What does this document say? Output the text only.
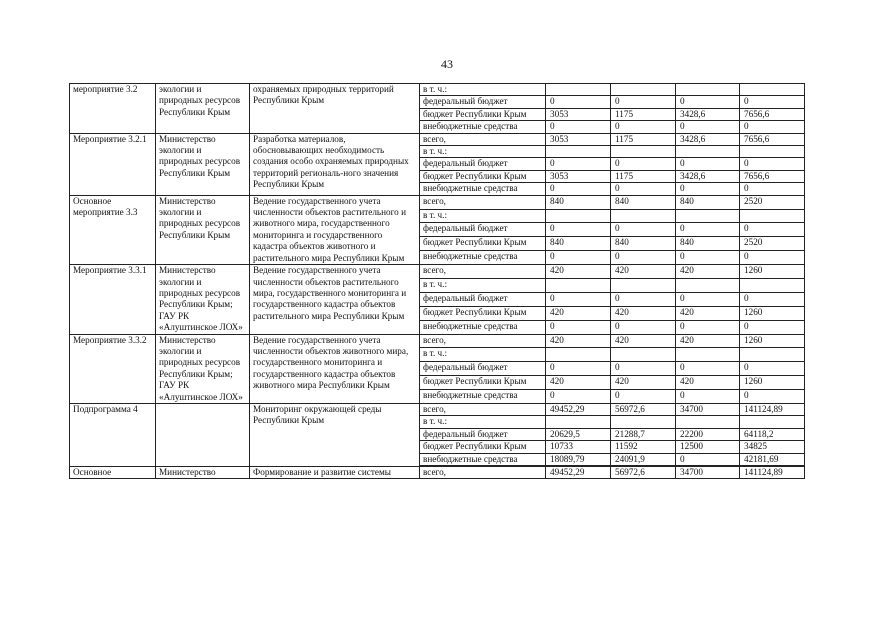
43
мероприятие 3.2	экологии и природных ресурсов Республики Крым	охраняемых природных территорий Республики Крым	в т. ч.:				
			федеральный бюджет	0	0	0	0
			бюджет Республики Крым	3053	1175	3428,6	7656,6
			внебюджетные средства	0	0	0	0
Мероприятие 3.2.1	Министерство экологии и природных ресурсов Республики Крым	Разработка материалов, обосновывающих необходимость создания особо охраняемых природных территорий региональ-ного значения Республики Крым	всего,	3053	1175	3428,6	7656,6
			в т. ч.:				
			федеральный бюджет	0	0	0	0
			бюджет Республики Крым	3053	1175	3428,6	7656,6
			внебюджетные средства	0	0	0	0
Основное мероприятие 3.3	Министерство экологии и природных ресурсов Республики Крым	Ведение государственного учета численности объектов растительного и животного мира, государственного мониторинга и государственного кадастра объектов животного и растительного мира Республики Крым	всего,	840	840	840	2520
			в т. ч.:				
			федеральный бюджет	0	0	0	0
			бюджет Республики Крым	840	840	840	2520
			внебюджетные средства	0	0	0	0
Мероприятие 3.3.1	Министерство экологии и природных ресурсов Республики Крым; ГАУ РК «Алуштинское ЛОХ»	Ведение государственного учета численности объектов растительного мира, государственного мониторинга и государственного кадастра объектов растительного мира Республики Крым	всего,	420	420	420	1260
			в т. ч.:				
			федеральный бюджет	0	0	0	0
			бюджет Республики Крым	420	420	420	1260
			внебюджетные средства	0	0	0	0
Мероприятие 3.3.2	Министерство экологии и природных ресурсов Республики Крым; ГАУ РК «Алуштинское ЛОХ»	Ведение государственного учета численности объектов животного мира, государственного мониторинга и государственного кадастра объектов животного мира Республики Крым	всего,	420	420	420	1260
			в т. ч.:				
			федеральный бюджет	0	0	0	0
			бюджет Республики Крым	420	420	420	1260
			внебюджетные средства	0	0	0	0
Подпрограмма 4		Мониторинг окружающей среды Республики Крым	всего,	49452,29	56972,6	34700	141124,89
			в т. ч.:				
			федеральный бюджет	20629,5	21288,7	22200	64118,2
			бюджет Республики Крым	10733	11592	12500	34825
			внебюджетные средства	18089,79	24091,9	0	42181,69

Основное	Министерство	Формирование и развитие системы	всего,	49452,29	56972,6	34700	141124,89
